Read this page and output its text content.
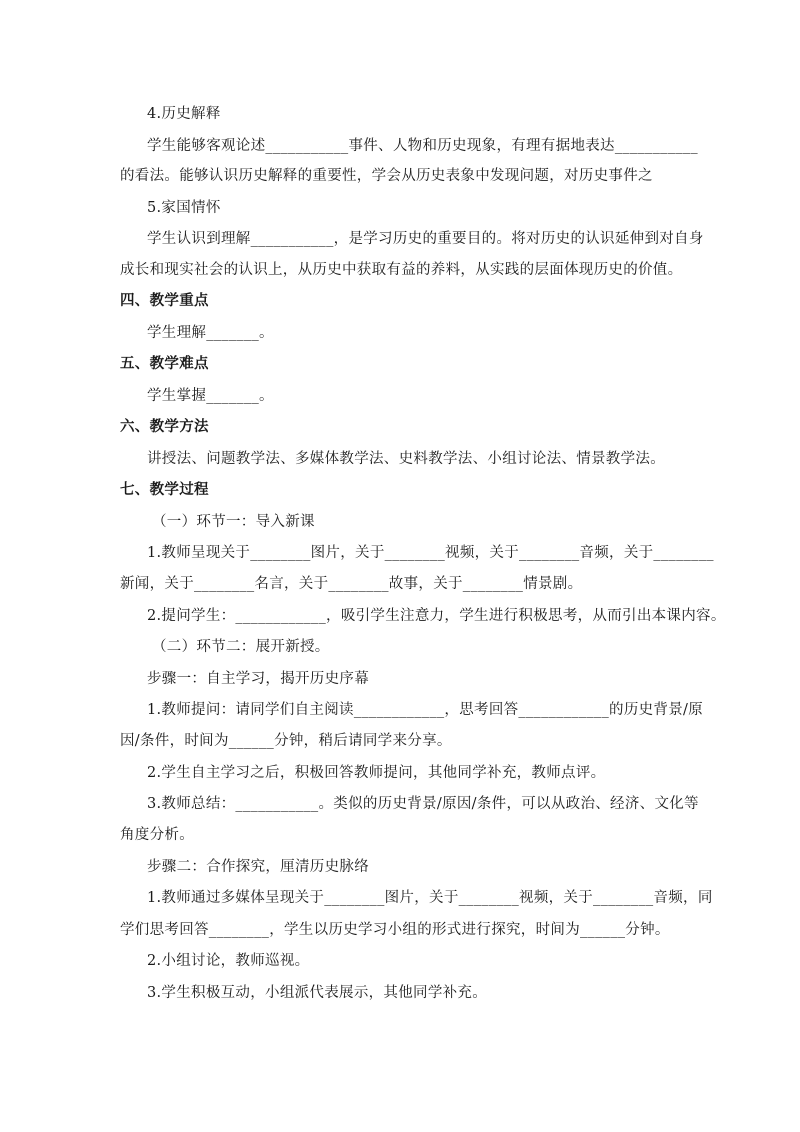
4.历史解释
学生能够客观论述___________事件、人物和历史现象，有理有据地表达___________
的看法。能够认识历史解释的重要性，学会从历史表象中发现问题，对历史事件之
5.家国情怀
学生认识到理解___________，是学习历史的重要目的。将对历史的认识延伸到对自身
成长和现实社会的认识上，从历史中获取有益的养料，从实践的层面体现历史的价值。
四、教学重点
学生理解_______。
五、教学难点
学生掌握_______。
六、教学方法
讲授法、问题教学法、多媒体教学法、史料教学法、小组讨论法、情景教学法。
七、教学过程
（一）环节一：导入新课
1.教师呈现关于________图片，关于________视频，关于________音频，关于________
新闻，关于________名言，关于________故事，关于________情景剧。
2.提问学生：____________，吸引学生注意力，学生进行积极思考，从而引出本课内容。
（二）环节二：展开新授。
步骤一：自主学习，揭开历史序幕
1.教师提问：请同学们自主阅读____________，思考回答____________的历史背景/原
因/条件，时间为______分钟，稍后请同学来分享。
2.学生自主学习之后，积极回答教师提问，其他同学补充，教师点评。
3.教师总结：___________。类似的历史背景/原因/条件，可以从政治、经济、文化等
角度分析。
步骤二：合作探究，厘清历史脉络
1.教师通过多媒体呈现关于________图片，关于________视频，关于________音频，同
学们思考回答________，学生以历史学习小组的形式进行探究，时间为______分钟。
2.小组讨论，教师巡视。
3.学生积极互动，小组派代表展示，其他同学补充。
